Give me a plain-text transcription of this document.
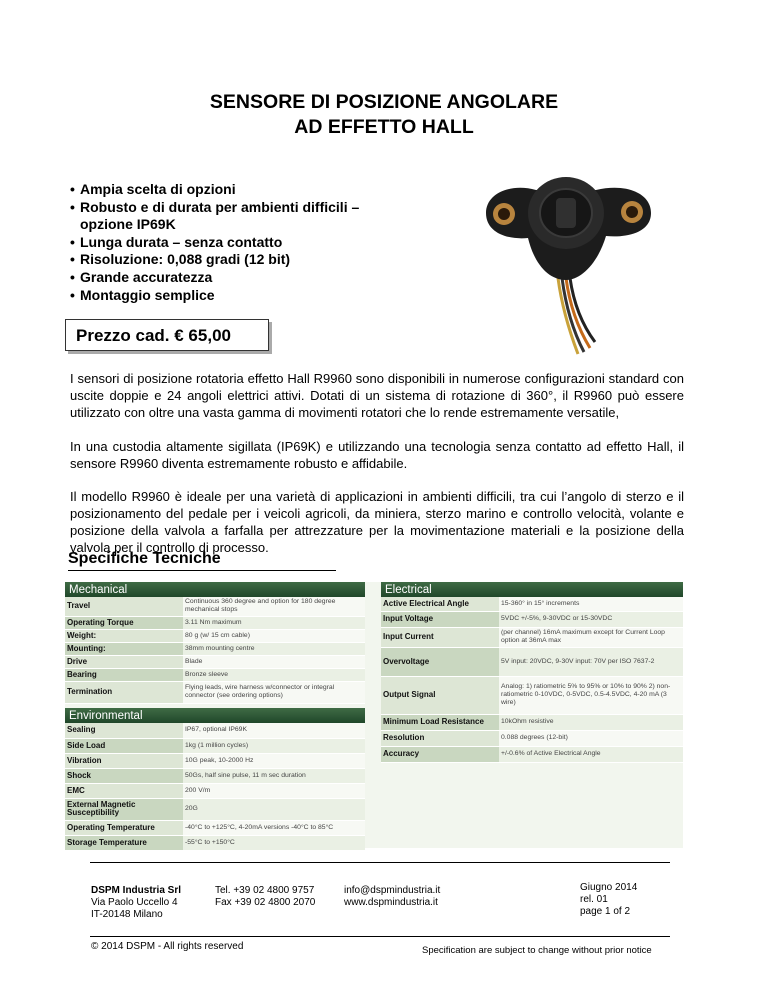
SENSORE DI POSIZIONE ANGOLARE
AD EFFETTO HALL
• Ampia scelta di opzioni
• Robusto e di durata per ambienti difficili – opzione IP69K
• Lunga durata – senza contatto
• Risoluzione: 0,088 gradi (12 bit)
• Grande accuratezza
• Montaggio semplice
Prezzo cad. € 65,00

I sensori di posizione rotatoria effetto Hall R9960 sono disponibili in numerose configurazioni standard con uscite doppie e 24 angoli elettrici attivi. Dotati di un sistema di rotazione di 360°, il R9960 può essere utilizzato con oltre una vasta gamma di movimenti rotatori che lo rende estremamente versatile,

In una custodia altamente sigillata (IP69K) e utilizzando una tecnologia senza contatto ad effetto Hall, il sensore R9960 diventa estremamente robusto e affidabile.

Il modello R9960 è ideale per una varietà di applicazioni in ambienti difficili, tra cui l’angolo di sterzo e il posizionamento del pedale per i veicoli agricoli, da miniera, sterzo marino e controllo velocità, volante e posizione della valvola a farfalla per attrezzature per la movimentazione materiali e la posizione della valvola per il controllo di processo.

Specifiche Tecniche
Mechanical
Travel	Continuous 360 degree and option for 180 degree mechanical stops
Operating Torque	3.11 Nm maximum
Weight:	80 g (w/ 15 cm cable)
Mounting:	38mm mounting centre
Drive	Blade
Bearing	Bronze sleeve
Termination	Flying leads, wire harness w/connector or integral connector (see ordering options)
Environmental
Sealing	IP67, optional IP69K
Side Load	1kg (1 million cycles)
Vibration	10G peak, 10-2000 Hz
Shock	50Gs, half sine pulse, 11 m sec duration
EMC	200 V/m
External Magnetic Susceptibility	20G
Operating Temperature	-40°C to +125°C, 4-20mA versions -40°C to 85°C
Storage Temperature	-55°C to +150°C
Electrical
Active Electrical Angle	15-360° in 15° increments
Input Voltage	5VDC +/-5%, 9-30VDC or 15-30VDC
Input Current	(per channel) 16mA maximum except for Current Loop option at 36mA max
Overvoltage	5V input: 20VDC, 9-30V input: 70V per ISO 7637-2
Output Signal	Analog: 1) ratiometric 5% to 95% or 10% to 90% 2) non-ratiometric 0-10VDC, 0-5VDC, 0.5-4.5VDC, 4-20 mA (3 wire)
Minimum Load Resistance	10kOhm resistive
Resolution	0.088 degrees (12-bit)
Accuracy	+/-0.6% of Active Electrical Angle
DSPM Industria Srl
Via Paolo Uccello 4
IT-20148 Milano
Tel. +39 02 4800 9757
Fax +39 02 4800 2070
info@dspmindustria.it
www.dspmindustria.it
Giugno 2014
rel. 01
page 1 of 2
© 2014 DSPM - All rights reserved	Specification are subject to change without prior notice
